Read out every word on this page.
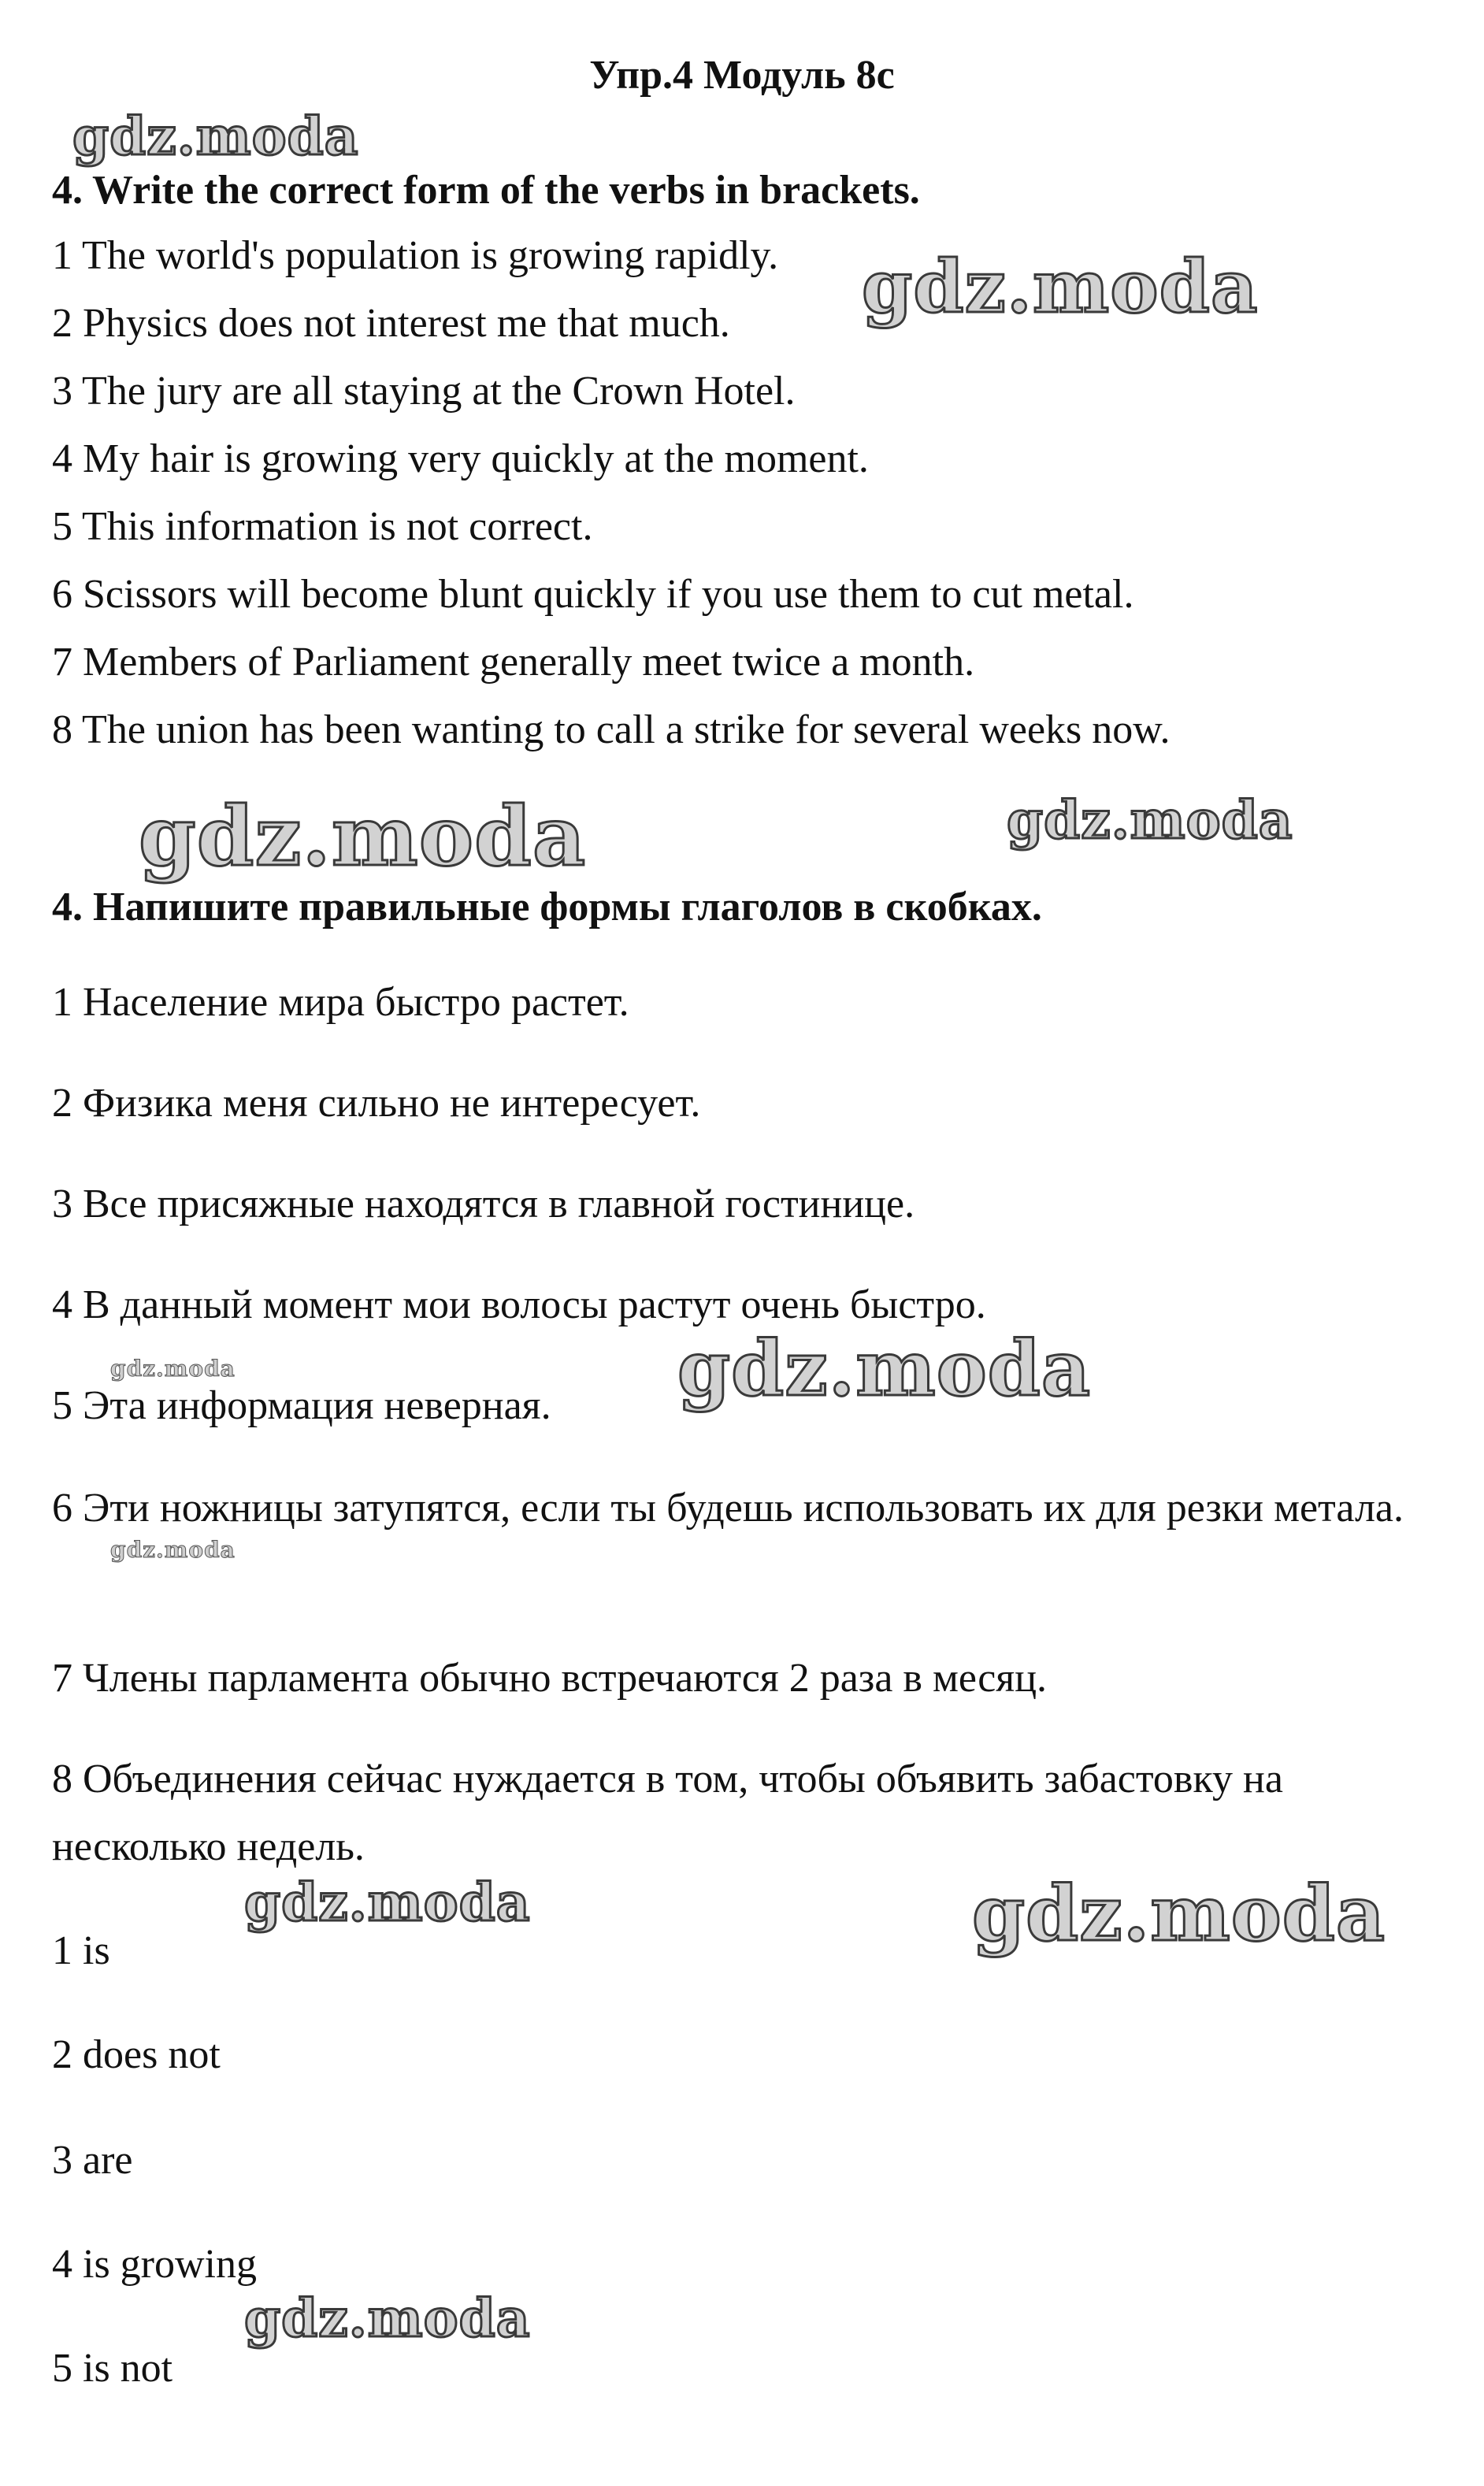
Упр.4 Модуль 8с
gdz.moda
gdz.moda
gdz.moda	gdz.moda
gdz.moda	gdz.moda
gdz.moda
gdz.moda	gdz.moda
gdz.moda
4. Write the correct form of the verbs in brackets.
1 The world's population is growing rapidly.
2 Physics does not interest me that much.
3 The jury are all staying at the Crown Hotel.
4 My hair is growing very quickly at the moment.
5 This information is not correct.
6 Scissors will become blunt quickly if you use them to cut metal.
7 Members of Parliament generally meet twice a month.
8 The union has been wanting to call a strike for several weeks now.
4. Напишите правильные формы глаголов в скобках.
1 Население мира быстро растет.
2 Физика меня сильно не интересует.
3 Все присяжные находятся в главной гостинице.
4 В данный момент мои волосы растут очень быстро.
5 Эта информация неверная.
6 Эти ножницы затупятся, если ты будешь использовать их для резки метала.
7 Члены парламента обычно встречаются 2 раза в месяц.
8 Объединения сейчас нуждается в том, чтобы объявить забастовку на несколько недель.
1 is
2 does not
3 are
4 is growing
5 is not
